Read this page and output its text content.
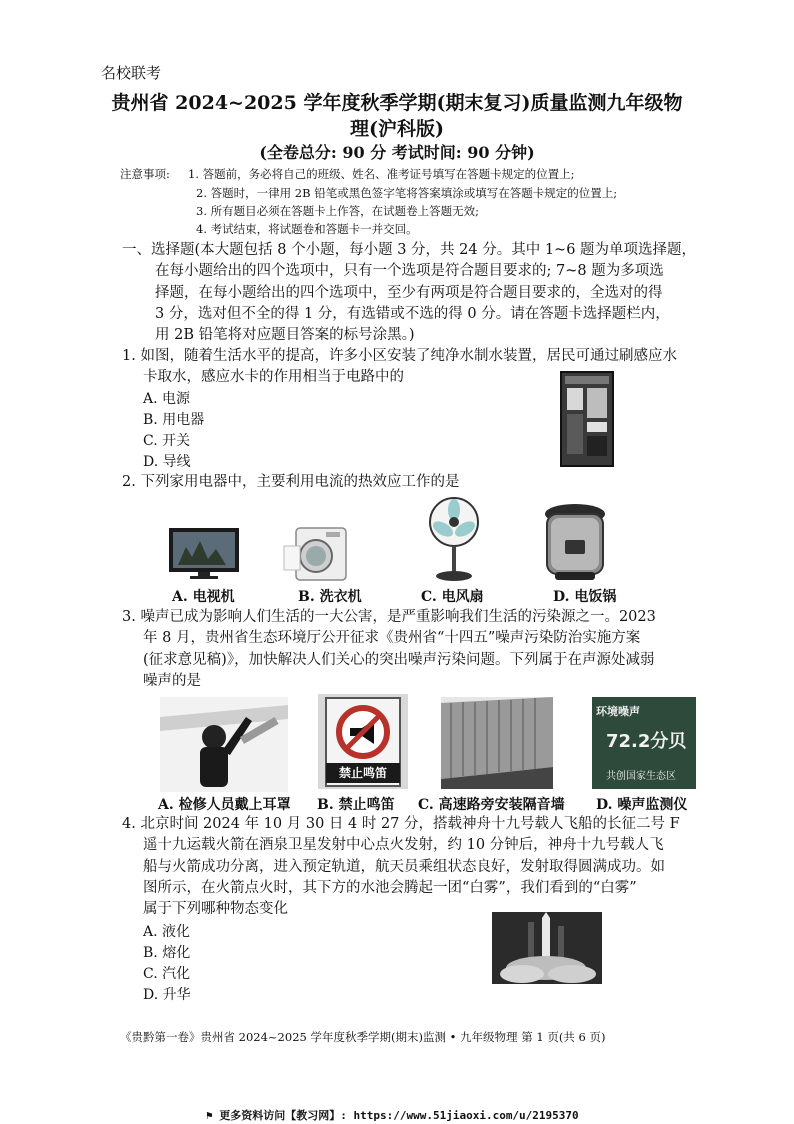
名校联考
贵州省 2024~2025 学年度秋季学期(期末复习)质量监测九年级物
理(沪科版)
(全卷总分: 90 分 考试时间: 90 分钟)
注意事项: 1. 答题前，务必将自己的班级、姓名、准考证号填写在答题卡规定的位置上;
2. 答题时，一律用 2B 铅笔或黑色签字笔将答案填涂或填写在答题卡规定的位置上;
3. 所有题目必须在答题卡上作答，在试题卷上答题无效;
4. 考试结束，将试题卷和答题卡一并交回。
一、选择题(本大题包括 8 个小题，每小题 3 分，共 24 分。其中 1~6 题为单项选择题，
在每小题给出的四个选项中，只有一个选项是符合题目要求的; 7~8 题为多项选
择题，在每小题给出的四个选项中，至少有两项是符合题目要求的，全选对的得
3 分，选对但不全的得 1 分，有选错或不选的得 0 分。请在答题卡选择题栏内，
用 2B 铅笔将对应题目答案的标号涂黑。)
1. 如图，随着生活水平的提高，许多小区安装了纯净水制水装置，居民可通过刷感应水
卡取水，感应水卡的作用相当于电路中的
A. 电源
B. 用电器
C. 开关
D. 导线
2. 下列家用电器中，主要利用电流的热效应工作的是
A. 电视机	B. 洗衣机	C. 电风扇	D. 电饭锅
3. 噪声已成为影响人们生活的一大公害，是严重影响我们生活的污染源之一。2023
年 8 月，贵州省生态环境厅公开征求《贵州省“十四五”噪声污染防治实施方案
(征求意见稿)》，加快解决人们关心的突出噪声污染问题。下列属于在声源处减弱
噪声的是
禁止鸣笛
环境噪声
72.2分贝
共创国家生态区
A. 检修人员戴上耳罩 B. 禁止鸣笛 C. 高速路旁安装隔音墙 D. 噪声监测仪
4. 北京时间 2024 年 10 月 30 日 4 时 27 分，搭载神舟十九号载人飞船的长征二号 F
遥十九运载火箭在酒泉卫星发射中心点火发射，约 10 分钟后，神舟十九号载人飞
船与火箭成功分离，进入预定轨道，航天员乘组状态良好，发射取得圆满成功。如
图所示，在火箭点火时，其下方的水池会腾起一团“白雾”，我们看到的“白雾”
属于下列哪种物态变化
A. 液化
B. 熔化
C. 汽化
D. 升华
《贵黔第一卷》贵州省 2024~2025 学年度秋季学期(期末)监测 • 九年级物理 第 1 页(共 6 页)
⚑ 更多资料访问【教习网】: https://www.51jiaoxi.com/u/2195370
